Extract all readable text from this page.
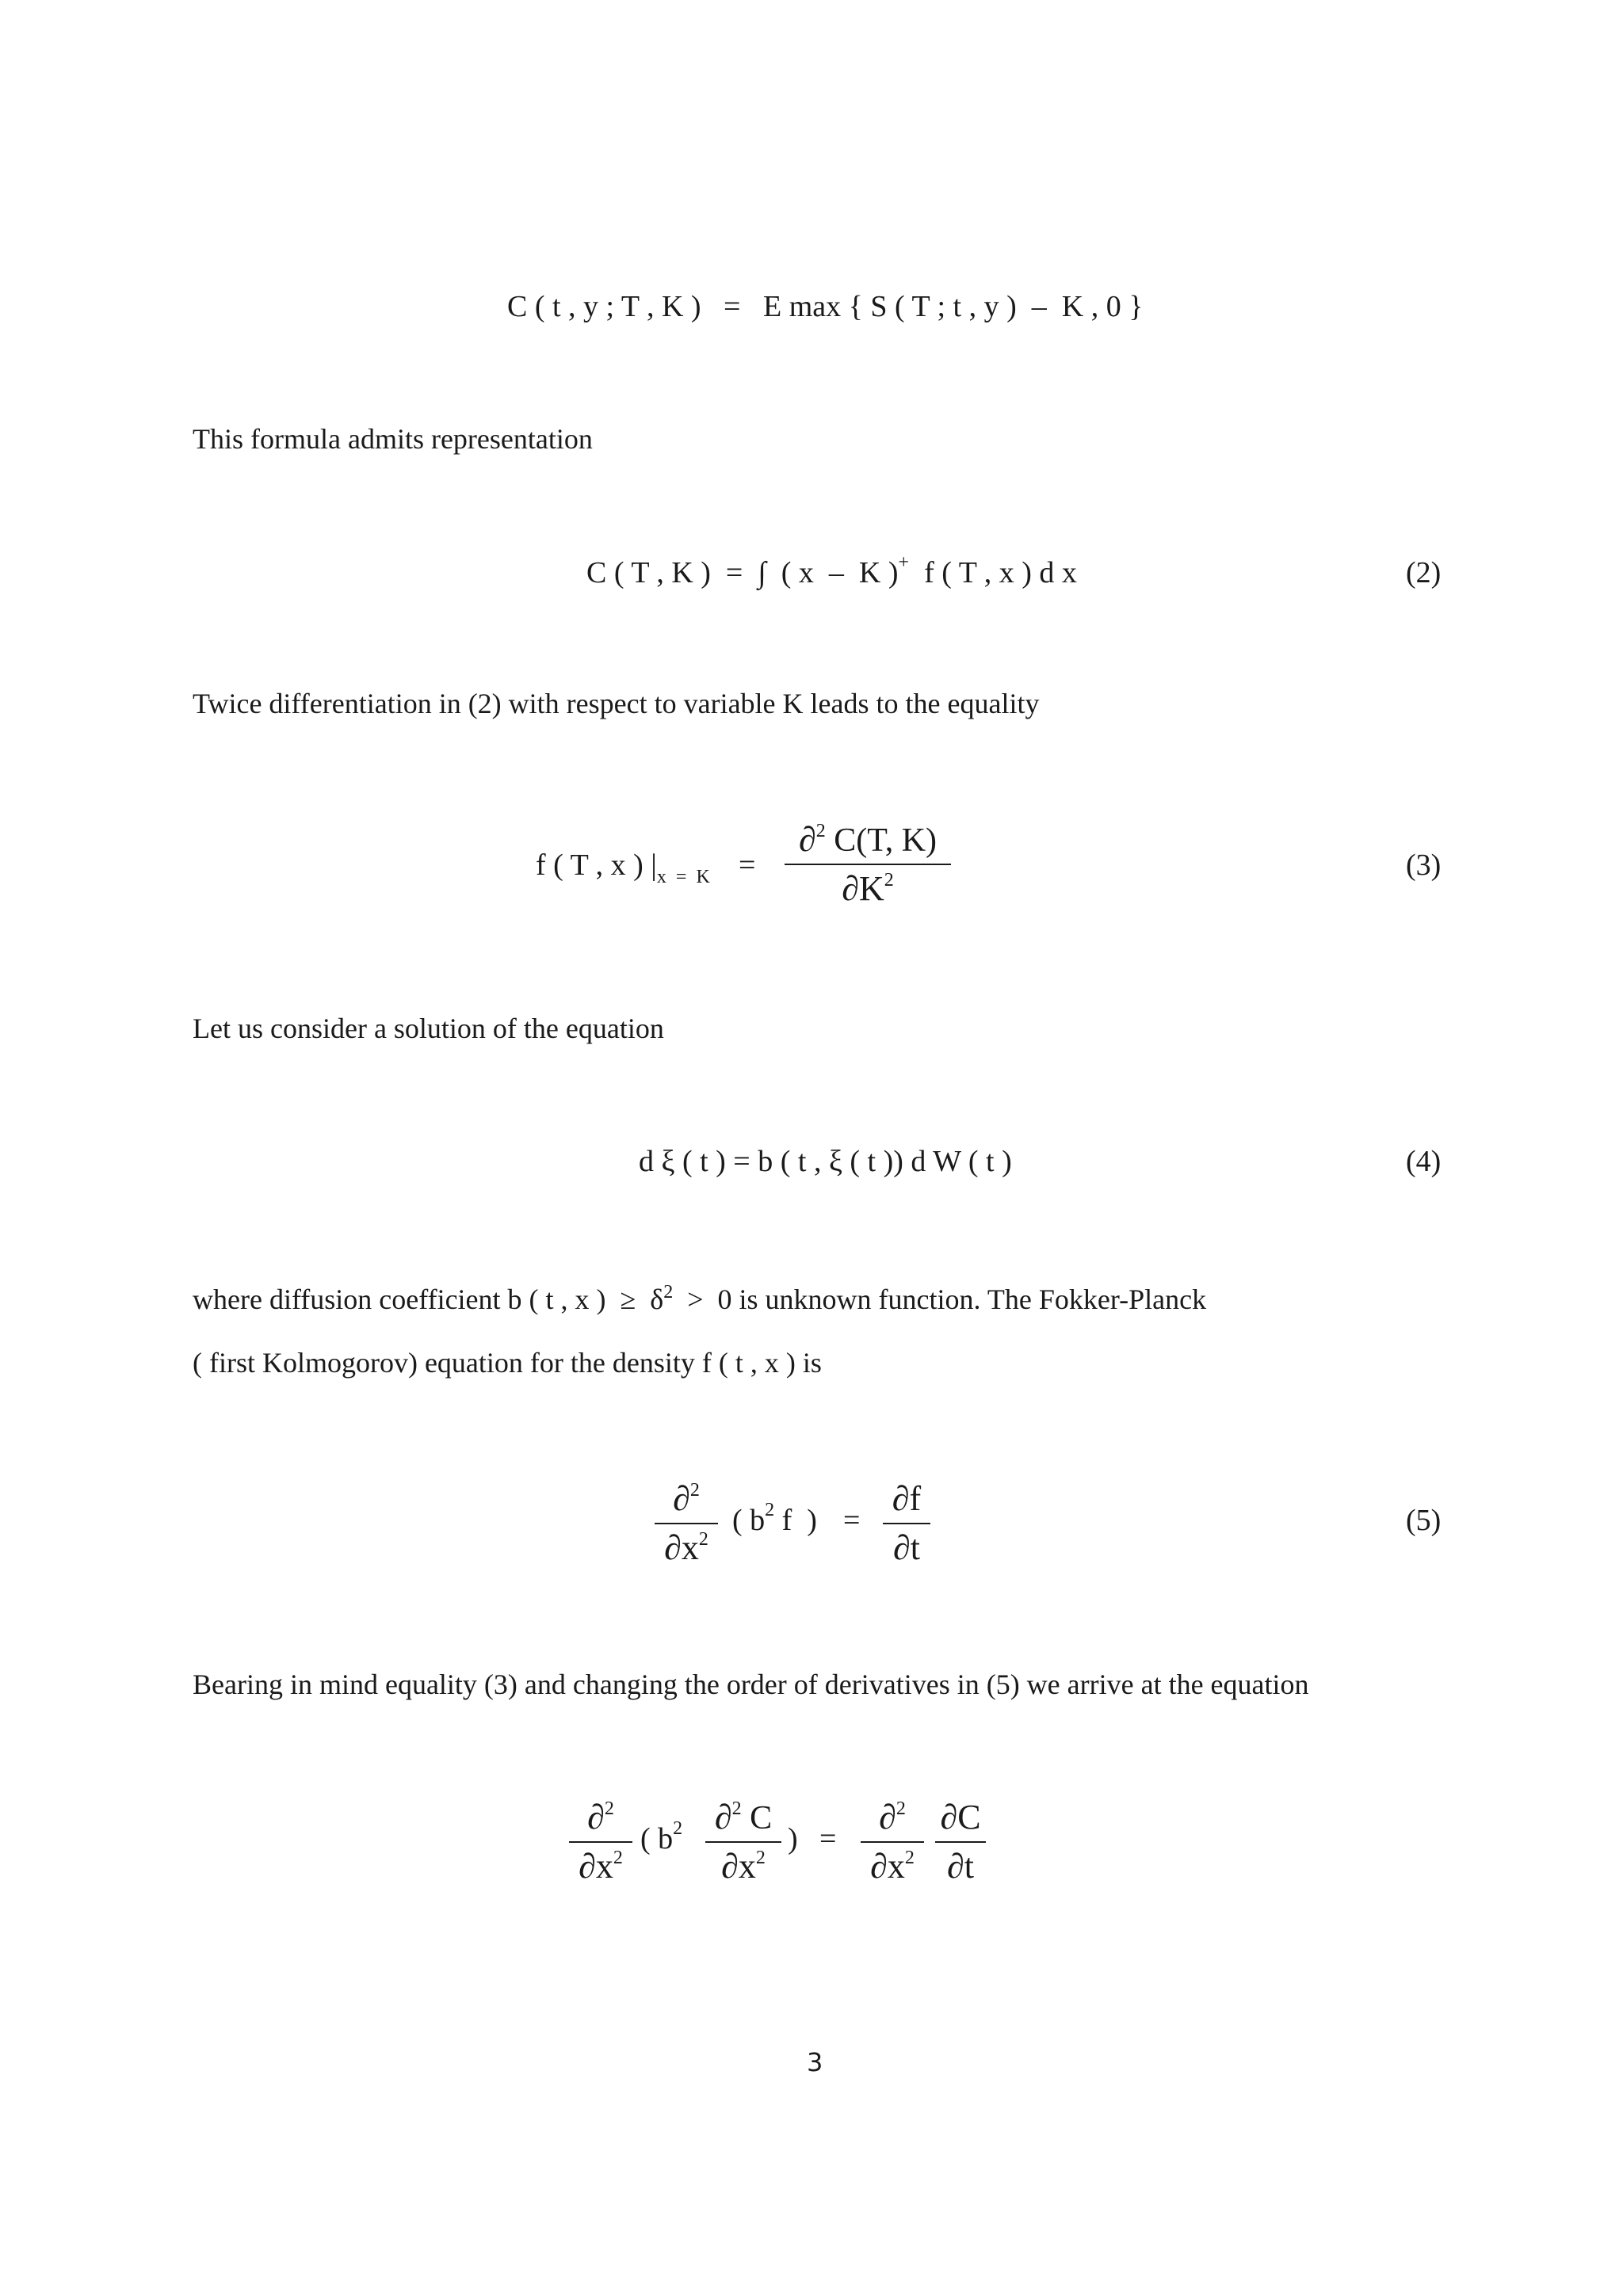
C ( t , y ; T , K )   =   E max { S ( T ; t , y )  –  K , 0 }
This formula admits representation
C ( T , K )  =  ∫  ( x  –  K )+  f ( T , x ) d x	(2)
Twice differentiation in (2) with respect to variable K leads to the equality
f ( T , x ) $|_{x = K}$ =
∂$^2$ C(T, K)
$\partial K^2$	(3)
Let us consider a solution of the equation
d ξ ( t ) = b ( t , ξ ( t )) d W ( t )	(4)
where diffusion coefficient b ( t , x )  ≥  $\delta^2 > 0$ is unknown function. The Fokker-Planck
( first Kolmogorov) equation for the density f ( t , x ) is
∂$^2$
$\partial x^2$
( $b^2$ f  ) =
∂f
∂t
(5)
Bearing in mind equality (3) and changing the order of derivatives in (5) we arrive at the equation
∂$^2$
$\partial x^2$
( $b^2$ ∂$^2$ C
$\partial x^2$
) =
∂$^2$
$\partial x^2$
∂C
∂t
3
